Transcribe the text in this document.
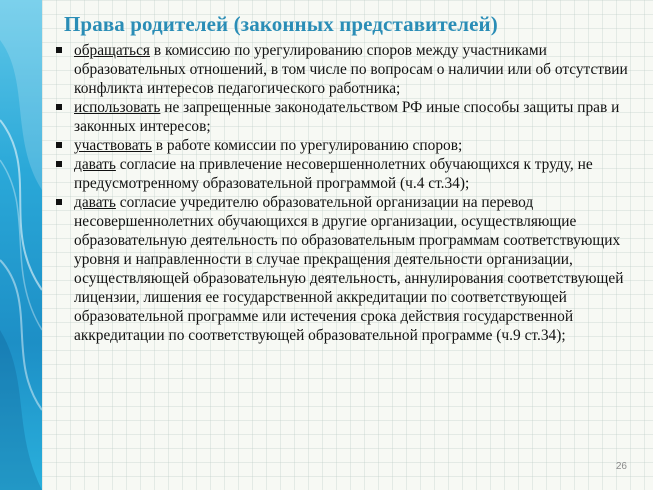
Права родителей (законных представителей)
обращаться в комиссию по урегулированию споров между участниками образовательных отношений, в том числе по вопросам о наличии или об отсутствии конфликта интересов педагогического работника;
использовать не запрещенные законодательством РФ иные способы защиты прав и законных интересов;
участвовать в работе комиссии по урегулированию споров;
давать согласие на привлечение несовершеннолетних обучающихся к труду, не предусмотренному образовательной программой (ч.4 ст.34);
давать согласие учредителю образовательной организации на перевод несовершеннолетних обучающихся в другие организации, осуществляющие образовательную деятельность по образовательным программам соответствующих уровня и направленности в случае прекращения деятельности организации, осуществляющей образовательную деятельность, аннулирования соответствующей лицензии, лишения ее государственной аккредитации по соответствующей образовательной программе или истечения срока действия государственной аккредитации по соответствующей образовательной программе (ч.9 ст.34);
26
